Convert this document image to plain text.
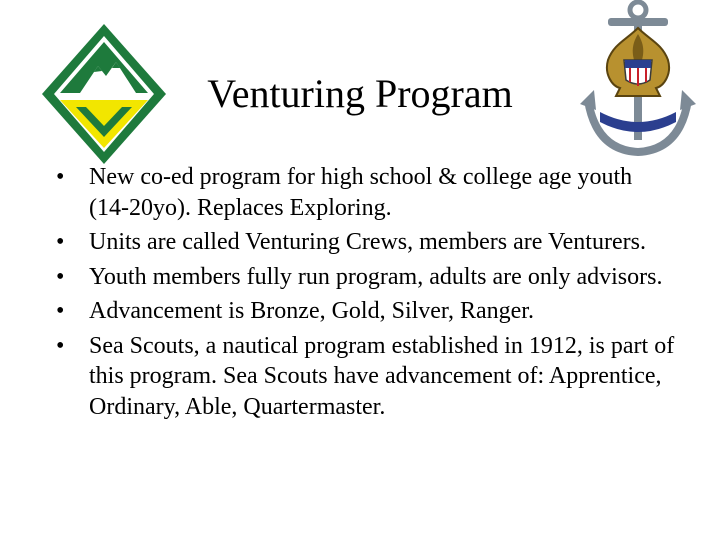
Venturing Program
•	New co-ed program for high school & college age youth (14-20yo). Replaces Exploring.
•	Units are called Venturing Crews, members are Venturers.
•	Youth members fully run program, adults are only advisors.
•	Advancement is Bronze, Gold, Silver, Ranger.
•	Sea Scouts, a nautical program established in 1912, is part of this program. Sea Scouts have advancement of: Apprentice, Ordinary, Able, Quartermaster.
